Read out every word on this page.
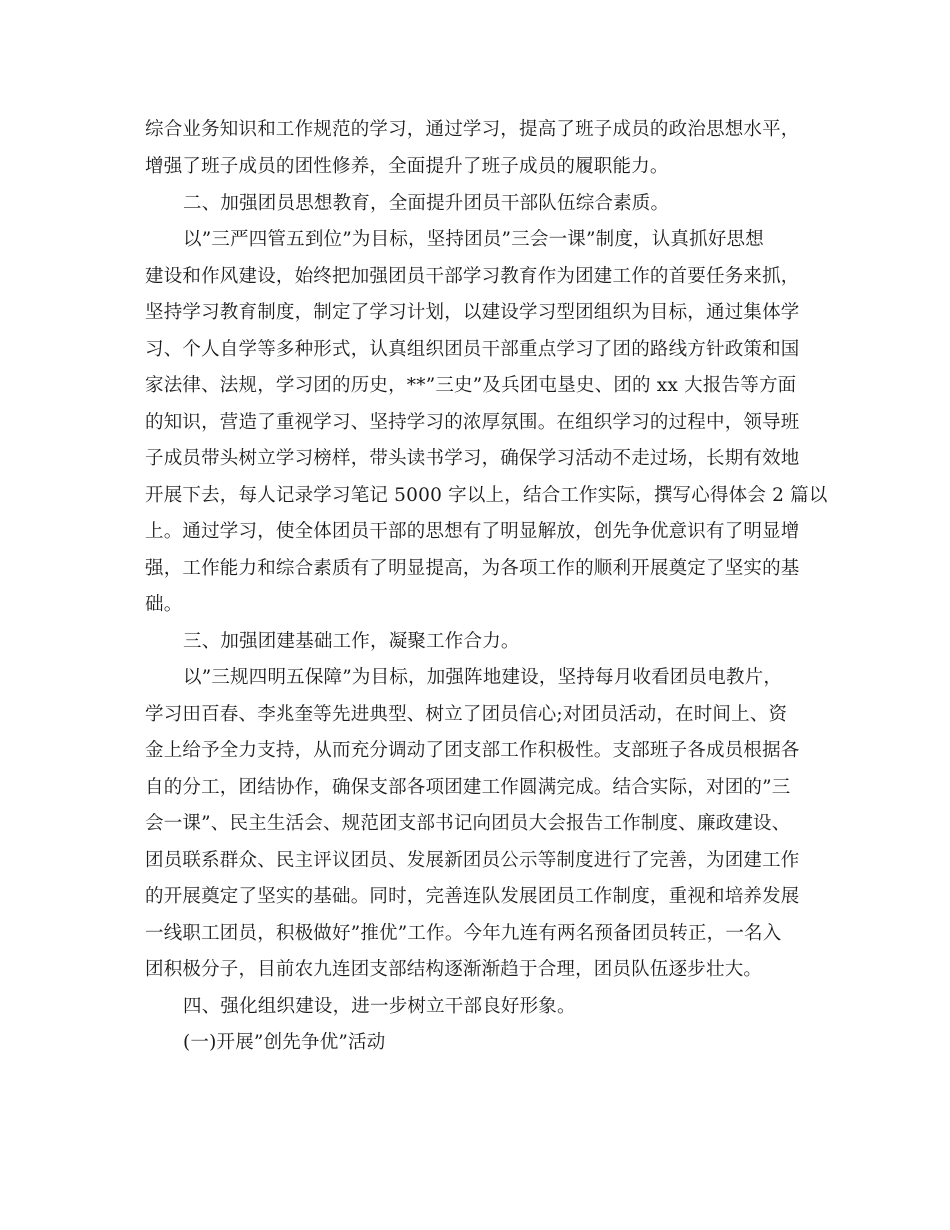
综合业务知识和工作规范的学习，通过学习，提高了班子成员的政治思想水平，
增强了班子成员的团性修养，全面提升了班子成员的履职能力。
二、加强团员思想教育，全面提升团员干部队伍综合素质。
以”三严四管五到位”为目标，坚持团员”三会一课”制度，认真抓好思想
建设和作风建设，始终把加强团员干部学习教育作为团建工作的首要任务来抓，
坚持学习教育制度，制定了学习计划，以建设学习型团组织为目标，通过集体学
习、个人自学等多种形式，认真组织团员干部重点学习了团的路线方针政策和国
家法律、法规，学习团的历史，**”三史”及兵团屯垦史、团的 xx 大报告等方面
的知识，营造了重视学习、坚持学习的浓厚氛围。在组织学习的过程中，领导班
子成员带头树立学习榜样，带头读书学习，确保学习活动不走过场，长期有效地
开展下去，每人记录学习笔记 5000 字以上，结合工作实际，撰写心得体会 2 篇以
上。通过学习，使全体团员干部的思想有了明显解放，创先争优意识有了明显增
强，工作能力和综合素质有了明显提高，为各项工作的顺利开展奠定了坚实的基
础。
三、加强团建基础工作，凝聚工作合力。
以”三规四明五保障”为目标，加强阵地建设，坚持每月收看团员电教片，
学习田百春、李兆奎等先进典型、树立了团员信心;对团员活动，在时间上、资
金上给予全力支持，从而充分调动了团支部工作积极性。支部班子各成员根据各
自的分工，团结协作，确保支部各项团建工作圆满完成。结合实际，对团的”三
会一课”、民主生活会、规范团支部书记向团员大会报告工作制度、廉政建设、
团员联系群众、民主评议团员、发展新团员公示等制度进行了完善，为团建工作
的开展奠定了坚实的基础。同时，完善连队发展团员工作制度，重视和培养发展
一线职工团员，积极做好”推优”工作。今年九连有两名预备团员转正，一名入
团积极分子，目前农九连团支部结构逐渐渐趋于合理，团员队伍逐步壮大。
四、强化组织建设，进一步树立干部良好形象。
(一)开展”创先争优”活动
